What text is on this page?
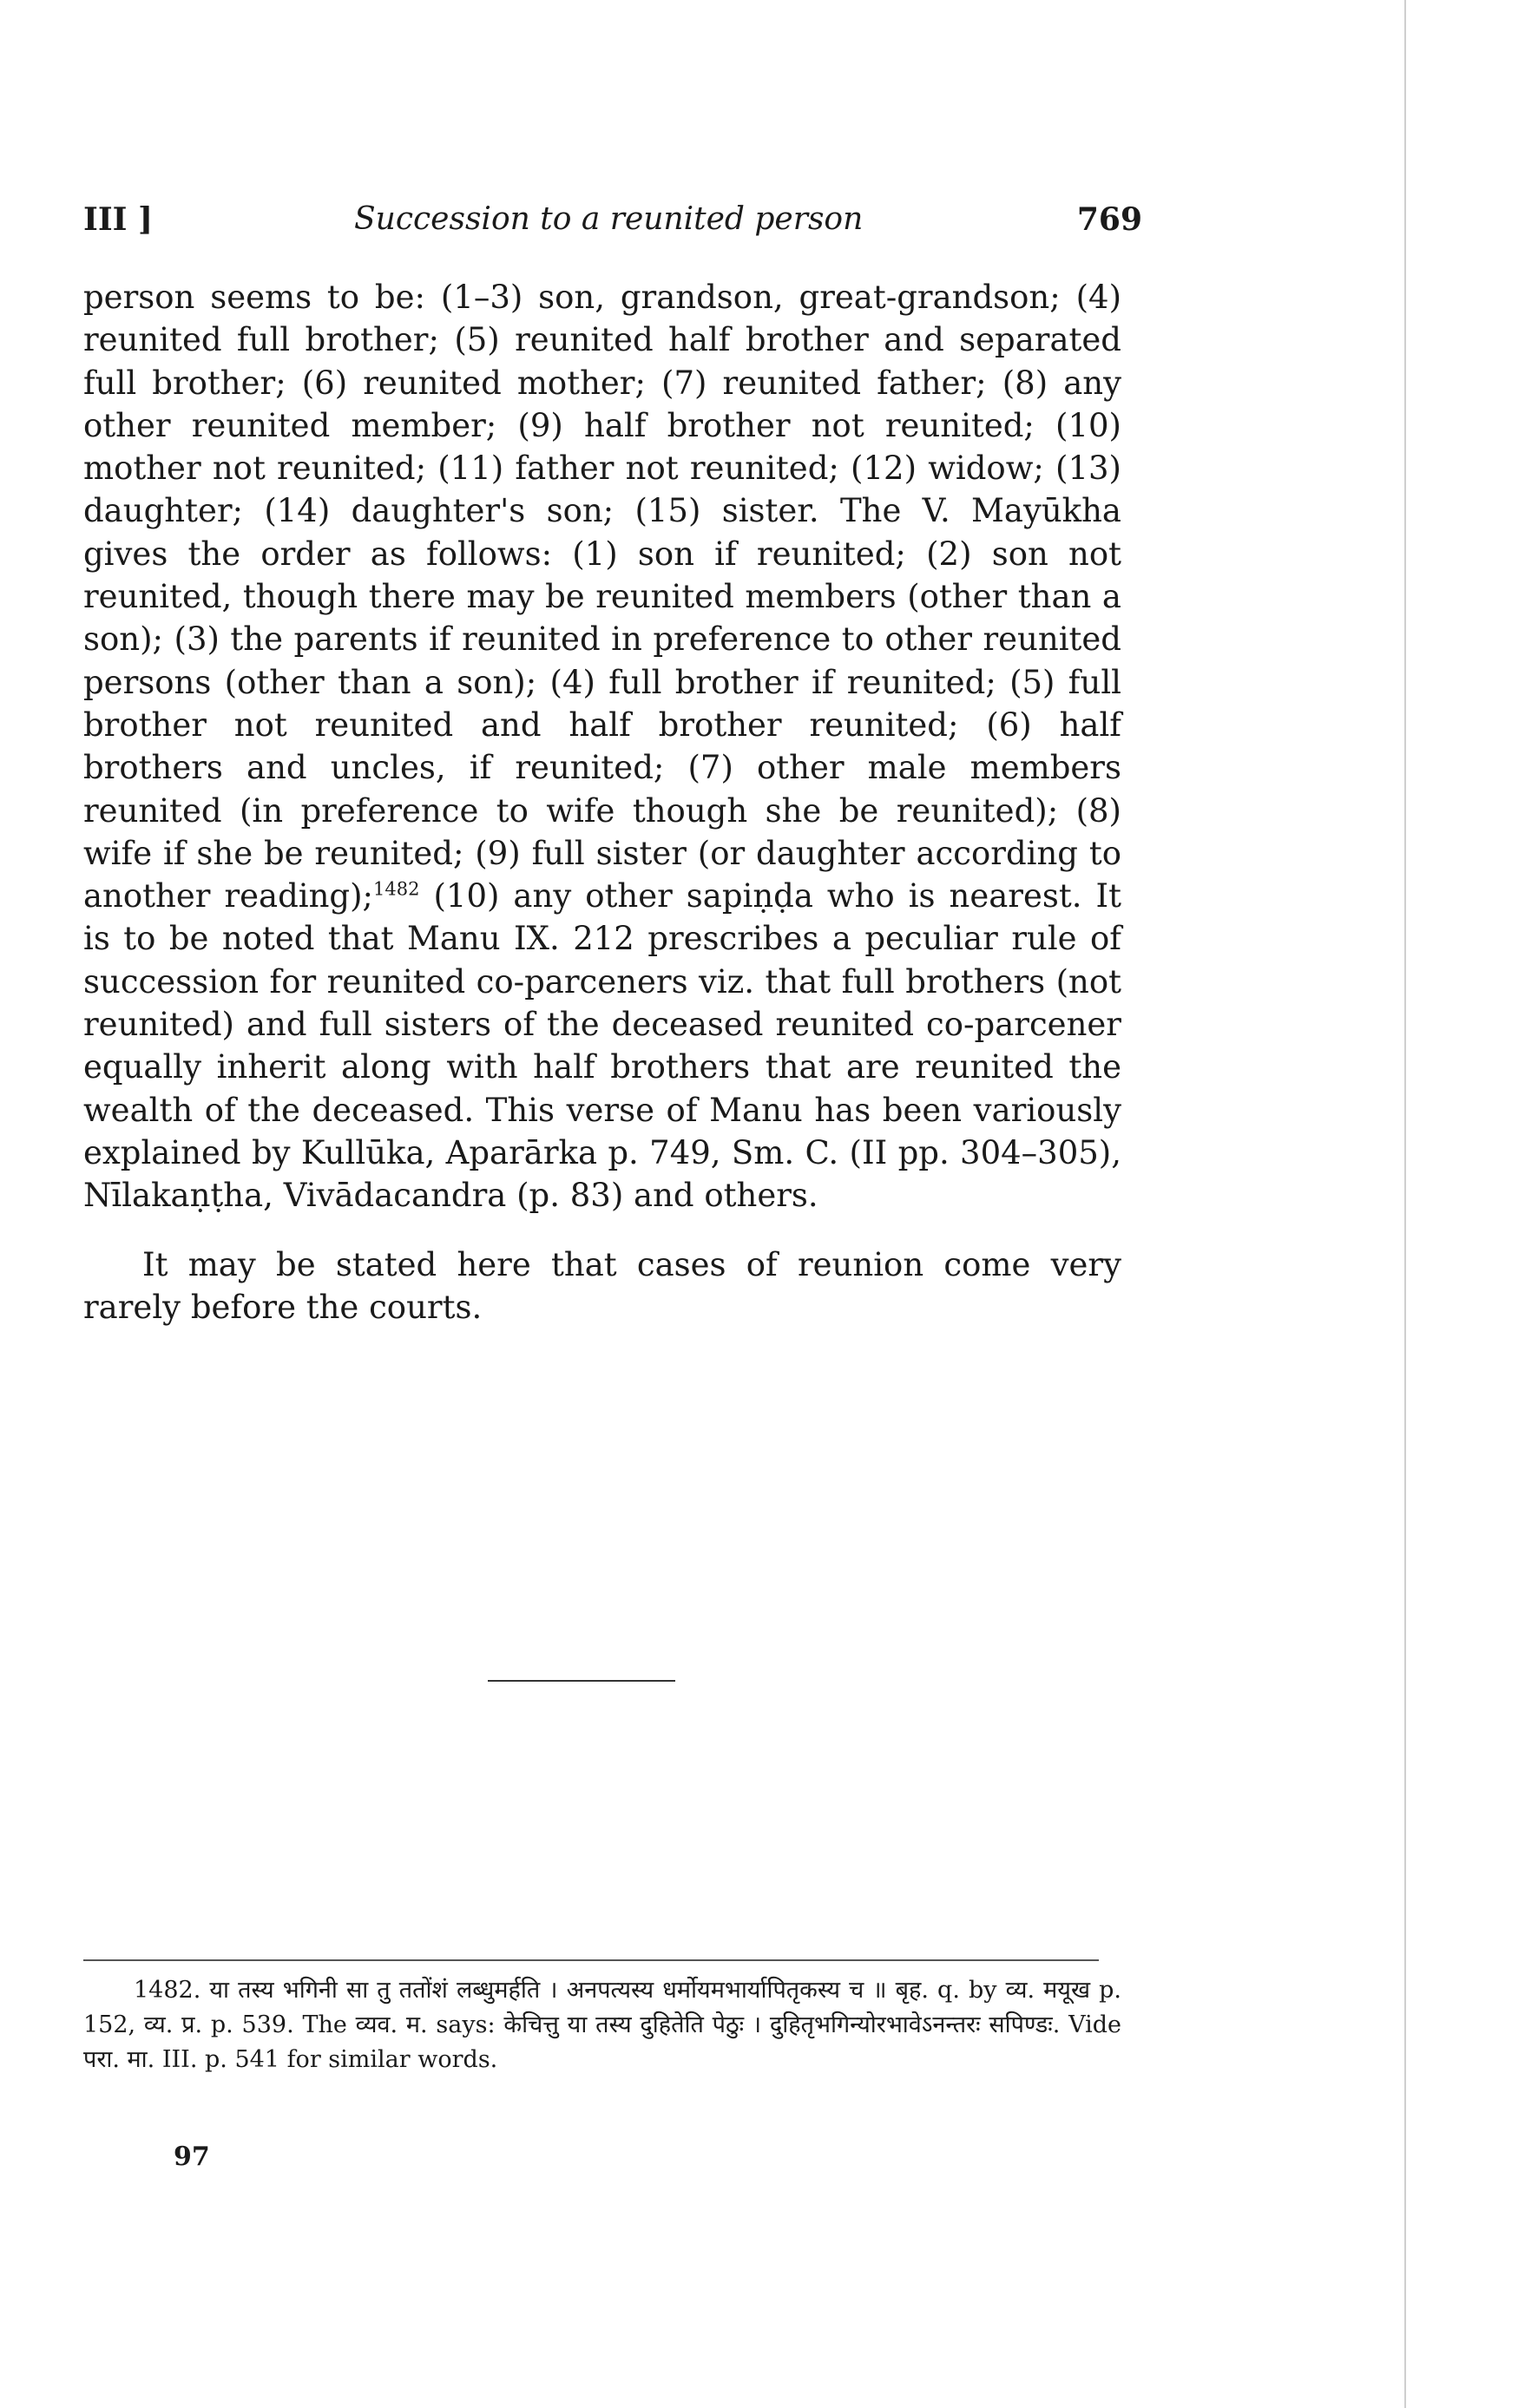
III ]	Succession to a reunited person	769

person seems to be: (1–3) son, grandson, great-grandson; (4) reunited full brother; (5) reunited half brother and separated full brother; (6) reunited mother; (7) reunited father; (8) any other reunited member; (9) half brother not reunited; (10) mother not reunited; (11) father not reunited; (12) widow; (13) daughter; (14) daughter's son; (15) sister. The V. Mayūkha gives the order as follows: (1) son if reunited; (2) son not reunited, though there may be reunited members (other than a son); (3) the parents if reunited in preference to other reunited persons (other than a son); (4) full brother if reunited; (5) full brother not reunited and half brother reunited; (6) half brothers and uncles, if reunited; (7) other male members reunited (in preference to wife though she be reunited); (8) wife if she be reunited; (9) full sister (or daughter according to another reading);$^{1482}$ (10) any other sapiṇḍa who is nearest. It is to be noted that Manu IX. 212 prescribes a peculiar rule of succession for reunited co-parceners viz. that full brothers (not reunited) and full sisters of the deceased reunited co-parcener equally inherit along with half brothers that are reunited the wealth of the deceased. This verse of Manu has been variously explained by Kullūka, Aparārka p. 749, Sm. C. (II pp. 304–305), Nīlakaṇṭha, Vivādacandra (p. 83) and others.

It may be stated here that cases of reunion come very rarely before the courts.

1482. या तस्य भगिनी सा तु ततोंशं लब्धुमर्हति । अनपत्यस्य धर्मोयमभार्यापितृकस्य च ॥ बृह. q. by व्य. मयूख p. 152, व्य. प्र. p. 539. The व्यव. म. says: केचित्तु या तस्य दुहितेति पेठुः । दुहितृभगिन्योरभावेऽनन्तरः सपिण्डः. Vide परा. मा. III. p. 541 for similar words.

97
